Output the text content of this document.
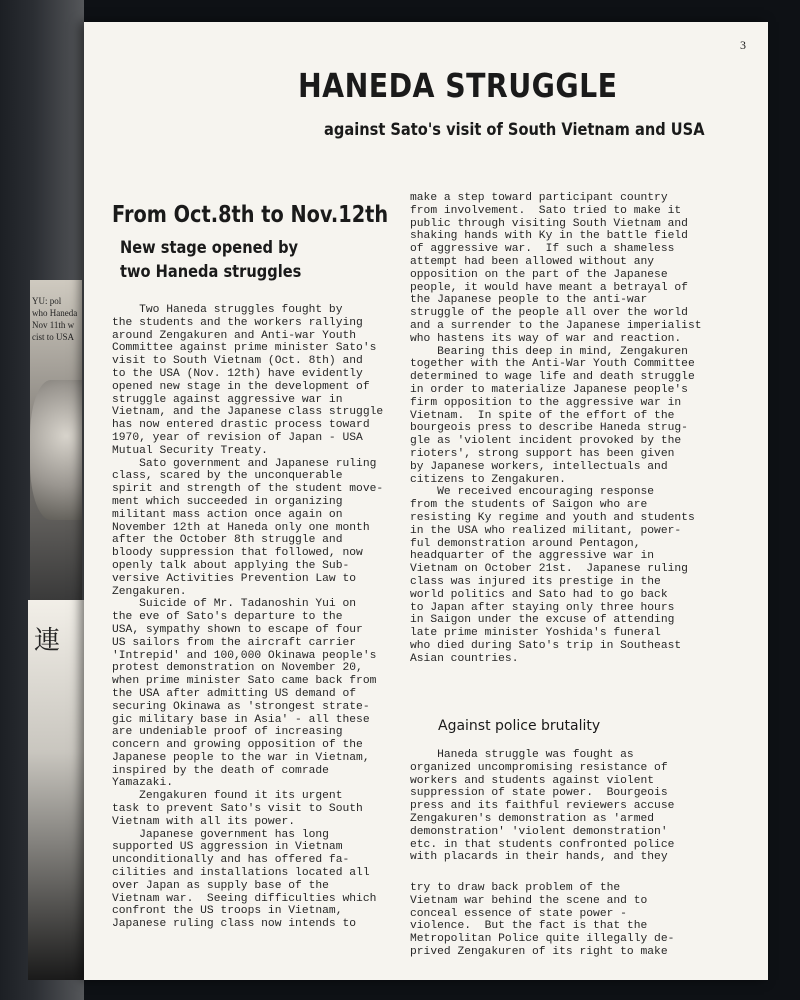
YU: pol
who Haneda
Nov 11th w
cist to USA
連
3
HANEDA STRUGGLE
against Sato's visit of South Vietnam and USA
From Oct.8th to Nov.12th
New stage opened by
two Haneda struggles
Two Haneda struggles fought by
the students and the workers rallying
around Zengakuren and Anti-war Youth
Committee against prime minister Sato's
visit to South Vietnam (Oct. 8th) and
to the USA (Nov. 12th) have evidently
opened new stage in the development of
struggle against aggressive war in
Vietnam, and the Japanese class struggle
has now entered drastic process toward
1970, year of revision of Japan - USA
Mutual Security Treaty.
Sato government and Japanese ruling
class, scared by the unconquerable
spirit and strength of the student move-
ment which succeeded in organizing
militant mass action once again on
November 12th at Haneda only one month
after the October 8th struggle and
bloody suppression that followed, now
openly talk about applying the Sub-
versive Activities Prevention Law to
Zengakuren.
Suicide of Mr. Tadanoshin Yui on
the eve of Sato's departure to the
USA, sympathy shown to escape of four
US sailors from the aircraft carrier
'Intrepid' and 100,000 Okinawa people's
protest demonstration on November 20,
when prime minister Sato came back from
the USA after admitting US demand of
securing Okinawa as 'strongest strate-
gic military base in Asia' - all these
are undeniable proof of increasing
concern and growing opposition of the
Japanese people to the war in Vietnam,
inspired by the death of comrade
Yamazaki.
Zengakuren found it its urgent
task to prevent Sato's visit to South
Vietnam with all its power.
Japanese government has long
supported US aggression in Vietnam
unconditionally and has offered fa-
cilities and installations located all
over Japan as supply base of the
Vietnam war.  Seeing difficulties which
confront the US troops in Vietnam,
Japanese ruling class now intends to
make a step toward participant country
from involvement.  Sato tried to make it
public through visiting South Vietnam and
shaking hands with Ky in the battle field
of aggressive war.  If such a shameless
attempt had been allowed without any
opposition on the part of the Japanese
people, it would have meant a betrayal of
the Japanese people to the anti-war
struggle of the people all over the world
and a surrender to the Japanese imperialist
who hastens its way of war and reaction.
Bearing this deep in mind, Zengakuren
together with the Anti-War Youth Committee
determined to wage life and death struggle
in order to materialize Japanese people's
firm opposition to the aggressive war in
Vietnam.  In spite of the effort of the
bourgeois press to describe Haneda strug-
gle as 'violent incident provoked by the
rioters', strong support has been given
by Japanese workers, intellectuals and
citizens to Zengakuren.
We received encouraging response
from the students of Saigon who are
resisting Ky regime and youth and students
in the USA who realized militant, power-
ful demonstration around Pentagon,
headquarter of the aggressive war in
Vietnam on October 21st.  Japanese ruling
class was injured its prestige in the
world politics and Sato had to go back
to Japan after staying only three hours
in Saigon under the excuse of attending
late prime minister Yoshida's funeral
who died during Sato's trip in Southeast
Asian countries.
Against police brutality
Haneda struggle was fought as
organized uncompromising resistance of
workers and students against violent
suppression of state power.  Bourgeois
press and its faithful reviewers accuse
Zengakuren's demonstration as 'armed
demonstration' 'violent demonstration'
etc. in that students confronted police
with placards in their hands, and they
try to draw back problem of the
Vietnam war behind the scene and to
conceal essence of state power -
violence.  But the fact is that the
Metropolitan Police quite illegally de-
prived Zengakuren of its right to make
